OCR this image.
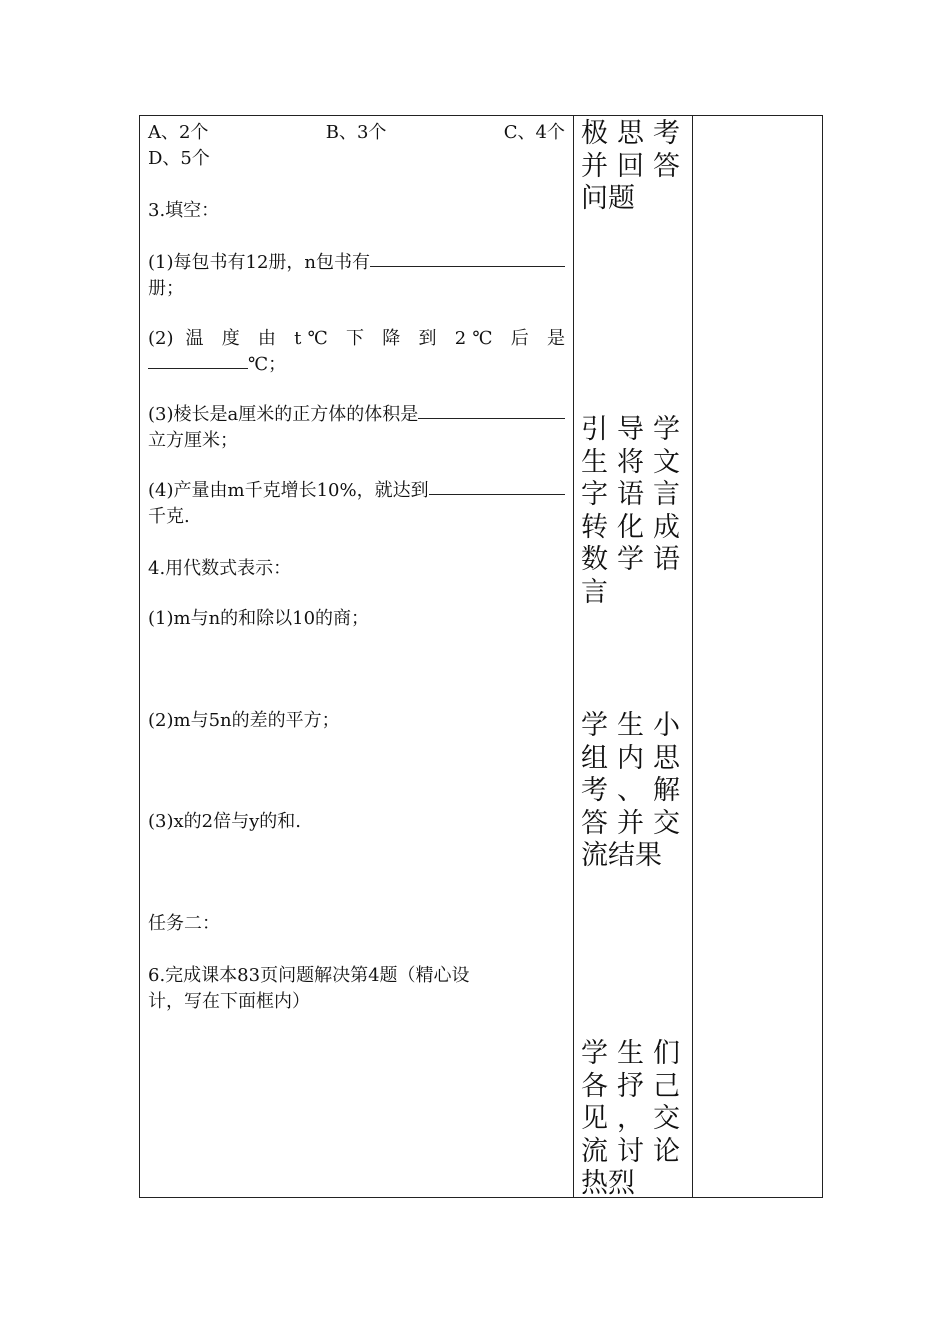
A、2个	B、3个	C、4个
D、5个
3.填空：
(1)每包书有12册，n包书有
册；
(2) 温 度 由 t℃ 下 降 到 2℃ 后 是
℃；
(3)棱长是a厘米的正方体的体积是
立方厘米；
(4)产量由m千克增长10%，就达到
千克.
4.用代数式表示：
(1)m与n的和除以10的商；
(2)m与5n的差的平方；
(3)x的2倍与y的和.
任务二：
6.完成课本83页问题解决第4题（精心设
计，写在下面框内）
极 思 考
并 回 答
问题
引 导 学
生 将 文
字 语 言
转 化 成
数 学 语
言
学 生 小
组 内 思
考 、 解
答 并 交
流结果
学 生 们
各 抒 己
见 ， 交
流 讨 论
热烈
